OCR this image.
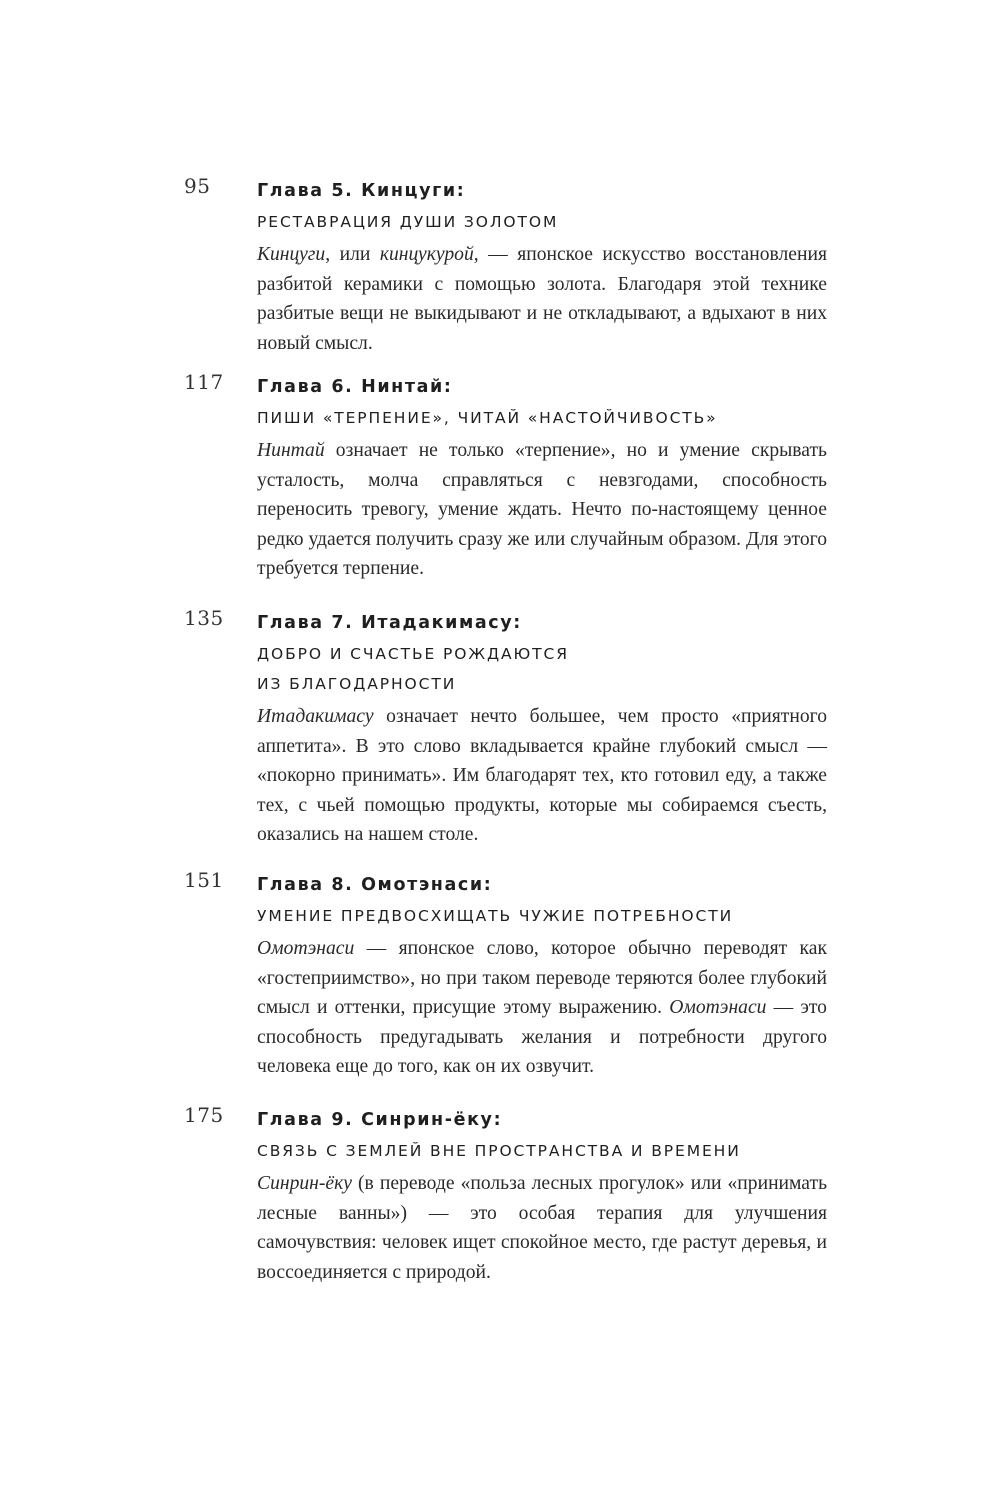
95	Глава 5. Кинцуги:

РЕСТАВРАЦИЯ ДУШИ ЗОЛОТОМ

Кинцуги, или кинцукурой, — японское искусство восстановления разбитой керамики с помощью золота. Благодаря этой технике разбитые вещи не выкидывают и не откладывают, а вдыхают в них новый смысл.

117 Глава 6. Нинтай:

ПИШИ «ТЕРПЕНИЕ», ЧИТАЙ «НАСТОЙЧИВОСТЬ»

Нинтай означает не только «терпение», но и умение скрывать усталость, молча справляться с невзгодами, способность переносить тревогу, умение ждать. Нечто по-настоящему ценное редко удается получить сразу же или случайным образом. Для этого требуется терпение.

135 Глава 7. Итадакимасу:

ДОБРО И СЧАСТЬЕ РОЖДАЮТСЯ

ИЗ БЛАГОДАРНОСТИ

Итадакимасу означает нечто большее, чем просто «приятного аппетита». В это слово вкладывается крайне глубокий смысл — «покорно принимать». Им благодарят тех, кто готовил еду, а также тех, с чьей помощью продукты, которые мы собираемся съесть, оказались на нашем столе.

151 Глава 8. Омотэнаси:

УМЕНИЕ ПРЕДВОСХИЩАТЬ ЧУЖИЕ ПОТРЕБНОСТИ

Омотэнаси — японское слово, которое обычно переводят как «гостеприимство», но при таком переводе теряются более глубокий смысл и оттенки, присущие этому выражению. Омотэнаси — это способность предугадывать желания и потребности другого человека еще до того, как он их озвучит.

175 Глава 9. Синрин-ёку:

СВЯЗЬ С ЗЕМЛЕЙ ВНЕ ПРОСТРАНСТВА И ВРЕМЕНИ

Синрин-ёку (в переводе «польза лесных прогулок» или «принимать лесные ванны») — это особая терапия для улучшения самочувствия: человек ищет спокойное место, где растут деревья, и воссоединяется с природой.
